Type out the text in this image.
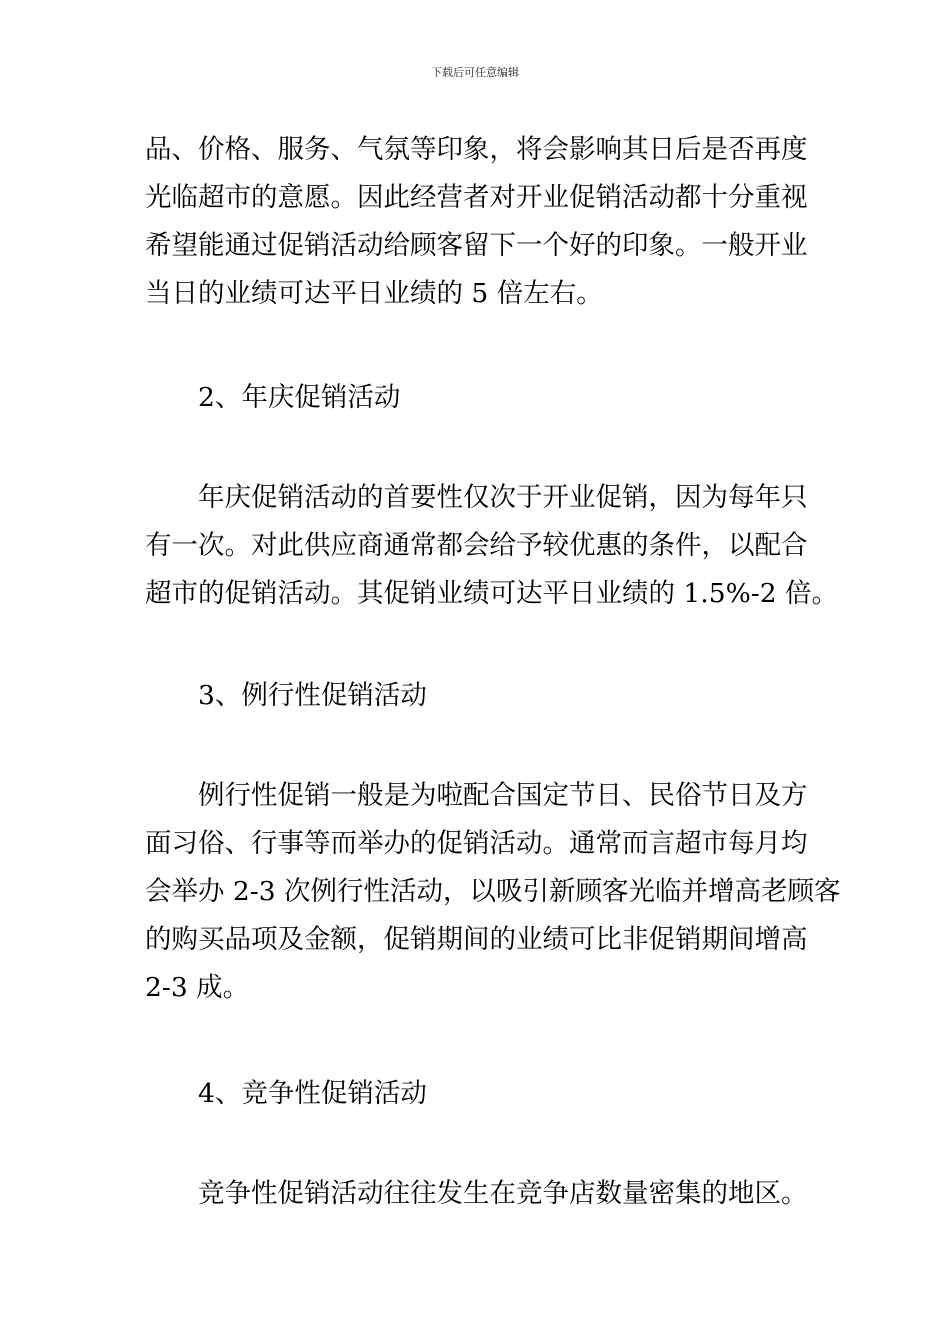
下载后可任意编辑
品、价格、服务、气氛等印象，将会影响其日后是否再度
光临超市的意愿。因此经营者对开业促销活动都十分重视
希望能通过促销活动给顾客留下一个好的印象。一般开业
当日的业绩可达平日业绩的 5 倍左右。
2、年庆促销活动
年庆促销活动的首要性仅次于开业促销，因为每年只
有一次。对此供应商通常都会给予较优惠的条件，以配合
超市的促销活动。其促销业绩可达平日业绩的 1.5%-2 倍。
3、例行性促销活动
例行性促销一般是为啦配合国定节日、民俗节日及方
面习俗、行事等而举办的促销活动。通常而言超市每月均
会举办 2-3 次例行性活动，以吸引新顾客光临并增高老顾客
的购买品项及金额，促销期间的业绩可比非促销期间增高
2-3 成。
4、竞争性促销活动
竞争性促销活动往往发生在竞争店数量密集的地区。
